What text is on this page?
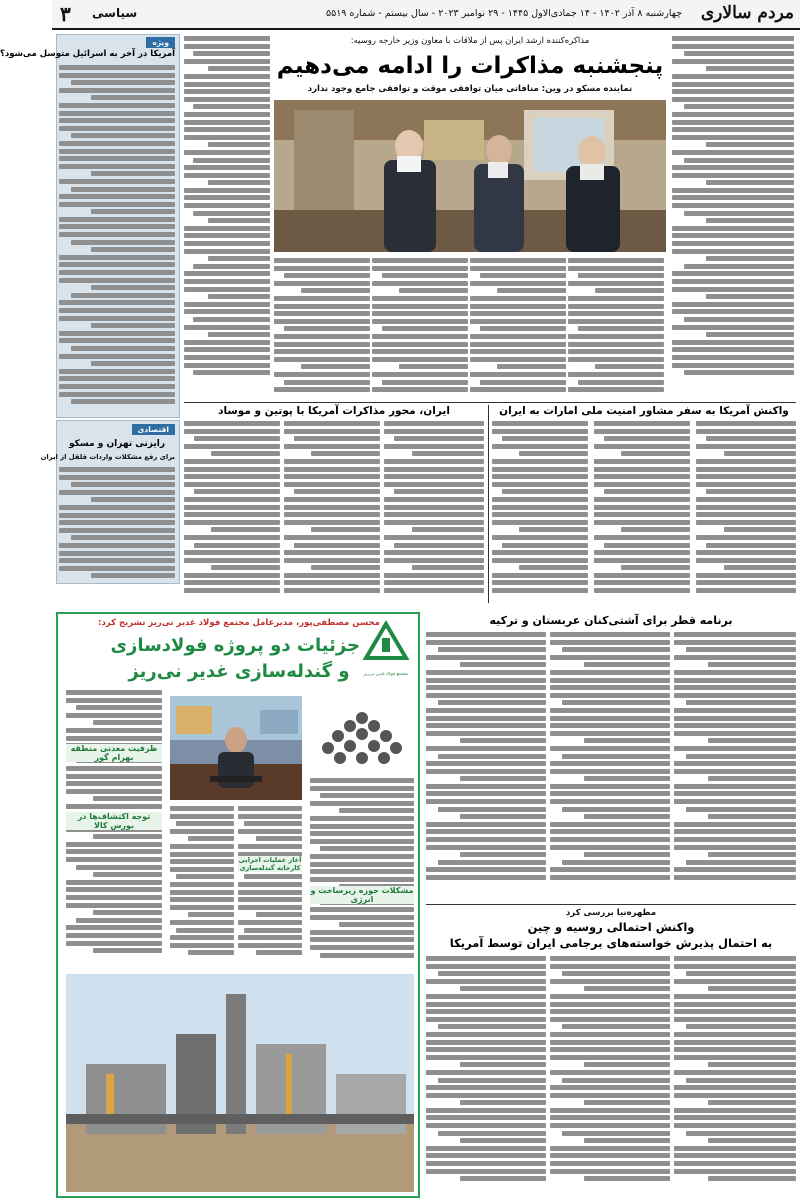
مردم سالاری
چهارشنبه ۸ آذر ۱۴۰۲ - ۱۴ جمادی‌الاول ۱۴۴۵ - ۲۹ نوامبر ۲۰۲۳ - سال بیستم - شماره ۵۵۱۹
سیاسی
۳
مذاکره‌کننده ارشد ایران پس از ملاقات با معاون وزیر خارجه روسیه:
پنجشنبه مذاکرات را ادامه می‌دهیم
نماینده مسکو در وین: منافاتی میان توافقی موقت و توافقی جامع وجود ندارد
ویژه
آمریکا در آخر به اسرائیل متوسل می‌شود؟
اقتصادی
رایزنی تهران و مسکو
برای رفع مشکلات واردات قلقل از ایران
ایران، محور مذاکرات آمریکا با پوتین و موساد	واکنش آمریکا به سفر مشاور امنیت ملی امارات به ایران
محسن مصطفی‌پور، مدیرعامل مجتمع فولاد غدیر نی‌ریز تشریح کرد:
مجتمع فولاد غدیر نی‌ریز
جزئیات دو پروژه فولادسازی
و گندله‌سازی غدیر نی‌ریز
ظرفیت معدنی منطقه بهرام گور
توجه اکتشاف‌ها در بورس کالا
آغاز عملیات اجرایی کارخانه گندله‌سازی
مشکلات حوزه زیرساخت و انرژی
برنامه قطر برای آشتی‌کنان عربستان و ترکیه
مطهره‌نیا بررسی کرد
واکنش احتمالی روسیه و چین
به احتمال پذیرش خواسته‌های برجامی ایران توسط آمریکا
